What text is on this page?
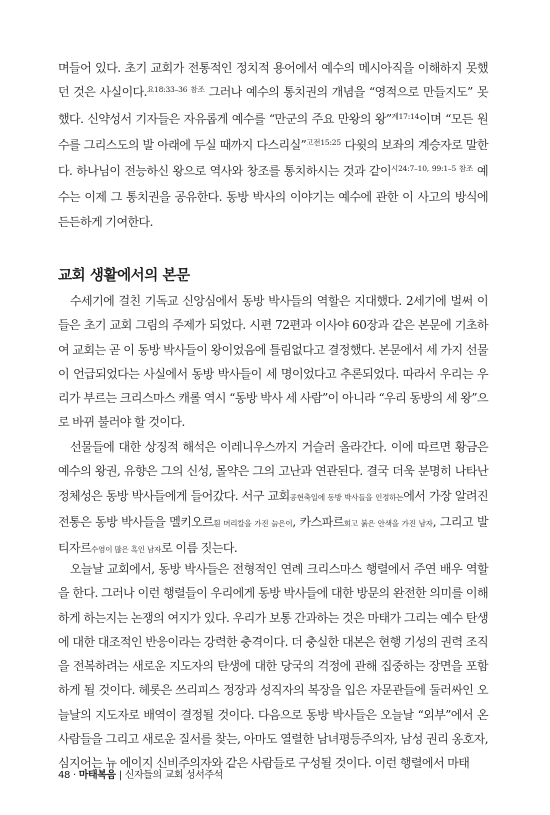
며들어 있다. 초기 교회가 전통적인 정치적 용어에서 예수의 메시아직을 이해하지 못했던 것은 사실이다.$^{요18:33-36 참조}$ 그러나 예수의 통치권의 개념을 “영적으로 만들지도” 못했다. 신약성서 기자들은 자유롭게 예수를 “만군의 주요 만왕의 왕”$^{계17:14}$이며 “모든 원수를 그리스도의 발 아래에 두실 때까지 다스리실”$^{고전15:25}$ 다윗의 보좌의 계승자로 말한다. 하나님이 전능하신 왕으로 역사와 창조를 통치하시는 것과 같이$^{시24:7-10, 99:1-5 참조}$ 예수는 이제 그 통치권을 공유한다. 동방 박사의 이야기는 예수에 관한 이 사고의 방식에 든든하게 기여한다.

교회 생활에서의 본문

수세기에 걸친 기독교 신앙심에서 동방 박사들의 역할은 지대했다. 2세기에 벌써 이들은 초기 교회 그림의 주제가 되었다. 시편 72편과 이사야 60장과 같은 본문에 기초하여 교회는 곧 이 동방 박사들이 왕이었음에 틀림없다고 결정했다. 본문에서 세 가지 선물이 언급되었다는 사실에서 동방 박사들이 세 명이었다고 추론되었다. 따라서 우리는 우리가 부르는 크리스마스 캐롤 역시 “동방 박사 세 사람”이 아니라 “우리 동방의 세 왕”으로 바뀌 불러야 할 것이다.

선물들에 대한 상징적 해석은 이레니우스까지 거슬러 올라간다. 이에 따르면 황금은 예수의 왕권, 유향은 그의 신성, 몰약은 그의 고난과 연관된다. 결국 더욱 분명히 나타난 정체성은 동방 박사들에게 들어갔다. 서구 교회공현축일에 동방 박사들을 인정하는에서 가장 알려진 전통은 동방 박사들을 멜키오르흰 머리칼을 가진 늙은이, 카스파르희고 붉은 안색을 가진 남자, 그리고 발티자르수염이 많은 흑인 남자로 이름 짓는다.

오늘날 교회에서, 동방 박사들은 전형적인 연례 크리스마스 행렬에서 주연 배우 역할을 한다. 그러나 이런 행렬들이 우리에게 동방 박사들에 대한 방문의 완전한 의미를 이해하게 하는지는 논쟁의 여지가 있다. 우리가 보통 간과하는 것은 마태가 그리는 예수 탄생에 대한 대조적인 반응이라는 강력한 충격이다. 더 충실한 대본은 현행 기성의 권력 조직을 전복하려는 새로운 지도자의 탄생에 대한 당국의 걱정에 관해 집중하는 장면을 포함하게 될 것이다. 헤롯은 쓰리피스 정장과 성직자의 복장을 입은 자문관들에 둘러싸인 오늘날의 지도자로 배역이 결정될 것이다. 다음으로 동방 박사들은 오늘날 “외부”에서 온 사람들을 그리고 새로운 질서를 찾는, 아마도 열렬한 남녀평등주의자, 남성 권리 옹호자, 심지어는 뉴 에이지 신비주의자와 같은 사람들로 구성될 것이다. 이런 행렬에서 마태

48 · 마태복음 | 신자들의 교회 성서주석
